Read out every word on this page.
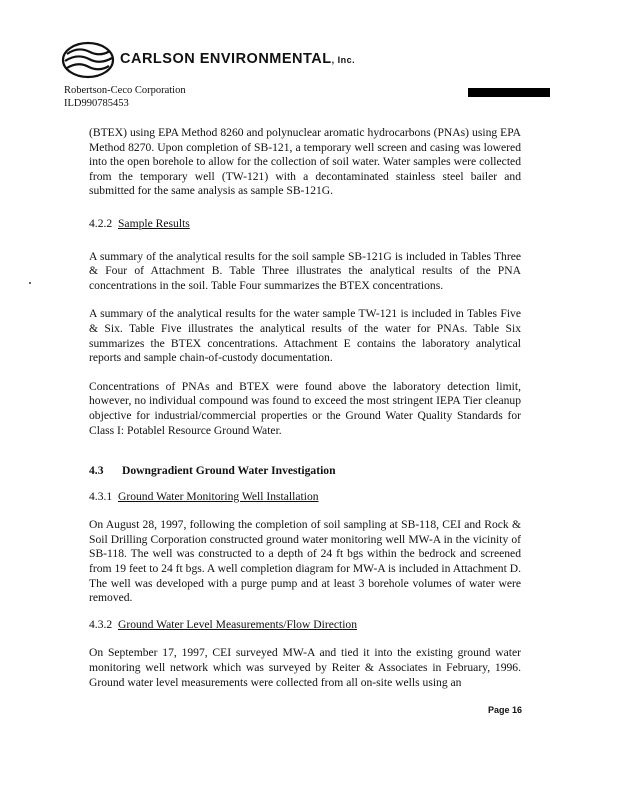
CARLSON ENVIRONMENTAL, Inc.
Robertson-Ceco Corporation
ILD990785453

(BTEX) using EPA Method 8260 and polynuclear aromatic hydrocarbons (PNAs) using EPA Method 8270. Upon completion of SB-121, a temporary well screen and casing was lowered into the open borehole to allow for the collection of soil water. Water samples were collected from the temporary well (TW-121) with a decontaminated stainless steel bailer and submitted for the same analysis as sample SB-121G.

4.2.2 Sample Results

A summary of the analytical results for the soil sample SB-121G is included in Tables Three & Four of Attachment B. Table Three illustrates the analytical results of the PNA concentrations in the soil. Table Four summarizes the BTEX concentrations.

A summary of the analytical results for the water sample TW-121 is included in Tables Five & Six. Table Five illustrates the analytical results of the water for PNAs. Table Six summarizes the BTEX concentrations. Attachment E contains the laboratory analytical reports and sample chain-of-custody documentation.

Concentrations of PNAs and BTEX were found above the laboratory detection limit, however, no individual compound was found to exceed the most stringent IEPA Tier cleanup objective for industrial/commercial properties or the Ground Water Quality Standards for Class I: Potablel Resource Ground Water.

4.3 Downgradient Ground Water Investigation

4.3.1 Ground Water Monitoring Well Installation

On August 28, 1997, following the completion of soil sampling at SB-118, CEI and Rock & Soil Drilling Corporation constructed ground water monitoring well MW-A in the vicinity of SB-118. The well was constructed to a depth of 24 ft bgs within the bedrock and screened from 19 feet to 24 ft bgs. A well completion diagram for MW-A is included in Attachment D. The well was developed with a purge pump and at least 3 borehole volumes of water were removed.

4.3.2 Ground Water Level Measurements/Flow Direction

On September 17, 1997, CEI surveyed MW-A and tied it into the existing ground water monitoring well network which was surveyed by Reiter & Associates in February, 1996. Ground water level measurements were collected from all on-site wells using an

Page 16
